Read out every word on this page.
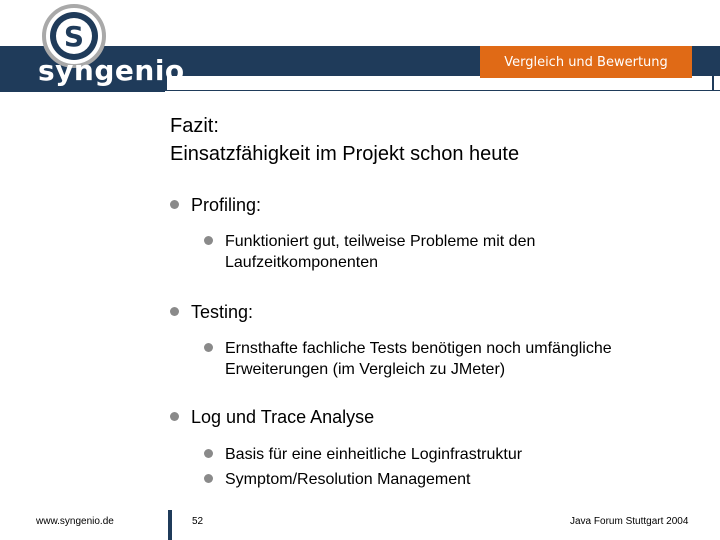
S
syngenio	Vergleich und Bewertung
Fazit:
Einsatzfähigkeit im Projekt schon heute
Profiling:
Funktioniert gut, teilweise Probleme mit den
Laufzeitkomponenten
Testing:
Ernsthafte fachliche Tests benötigen noch umfängliche
Erweiterungen (im Vergleich zu JMeter)
Log und Trace Analyse
Basis für eine einheitliche Loginfrastruktur
Symptom/Resolution Management
www.syngenio.de	52	Java Forum Stuttgart 2004
